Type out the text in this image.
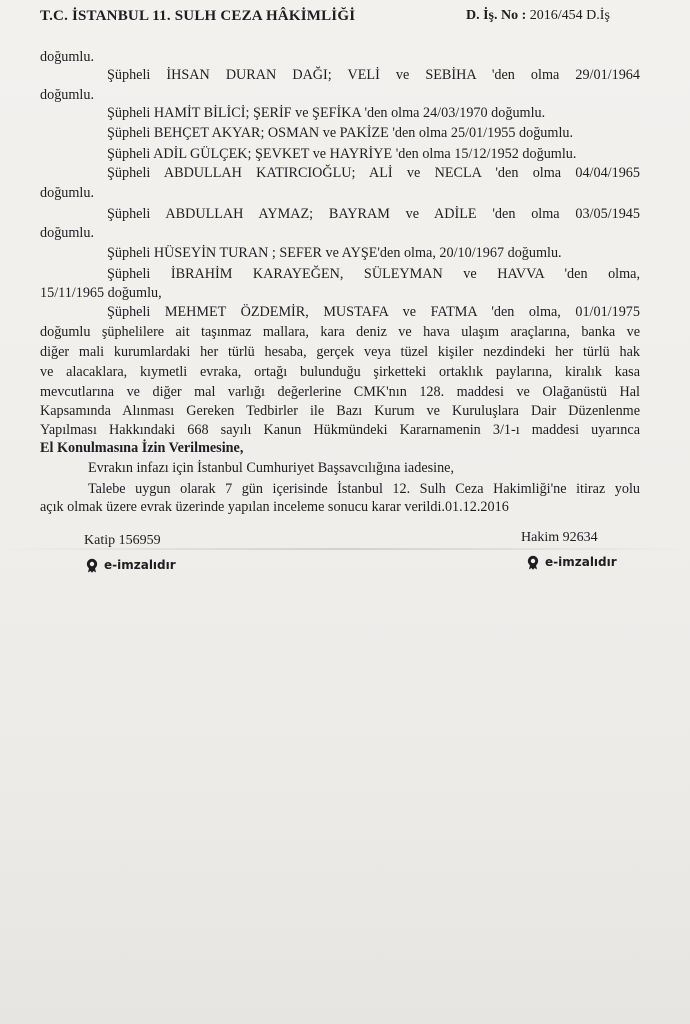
T.C. İSTANBUL 11. SULH CEZA HÂKİMLİĞİ	D. İş. No : 2016/454 D.İş
doğumlu.
Şüpheli İHSAN DURAN DAĞI; VELİ ve SEBİHA 'den olma 29/01/1964
doğumlu.
Şüpheli HAMİT BİLİCİ; ŞERİF ve ŞEFİKA 'den olma 24/03/1970 doğumlu.
Şüpheli BEHÇET AKYAR; OSMAN ve PAKİZE 'den olma 25/01/1955 doğumlu.
Şüpheli ADİL GÜLÇEK; ŞEVKET ve HAYRİYE 'den olma 15/12/1952 doğumlu.
Şüpheli ABDULLAH KATIRCIOĞLU; ALİ ve NECLA 'den olma 04/04/1965
doğumlu.
Şüpheli ABDULLAH AYMAZ; BAYRAM ve ADİLE 'den olma 03/05/1945
doğumlu.
Şüpheli HÜSEYİN TURAN ; SEFER ve AYŞE'den olma, 20/10/1967 doğumlu.
Şüpheli İBRAHİM KARAYEĞEN, SÜLEYMAN ve HAVVA 'den olma,
15/11/1965 doğumlu,
Şüpheli MEHMET ÖZDEMİR, MUSTAFA ve FATMA 'den olma, 01/01/1975
doğumlu şüphelilere ait taşınmaz mallara, kara deniz ve hava ulaşım araçlarına, banka ve
diğer mali kurumlardaki her türlü hesaba, gerçek veya tüzel kişiler nezdindeki her türlü hak
ve alacaklara, kıymetli evraka, ortağı bulunduğu şirketteki ortaklık paylarına, kiralık kasa
mevcutlarına ve diğer mal varlığı değerlerine CMK'nın 128. maddesi ve Olağanüstü Hal
Kapsamında Alınması Gereken Tedbirler ile Bazı Kurum ve Kuruluşlara Dair Düzenlenme
Yapılması Hakkındaki 668 sayılı Kanun Hükmündeki Kararnamenin 3/1-ı maddesi uyarınca
El Konulmasına İzin Verilmesine,
Evrakın infazı için İstanbul Cumhuriyet Başsavcılığına iadesine,
Talebe uygun olarak 7 gün içerisinde İstanbul 12. Sulh Ceza Hakimliği'ne itiraz yolu
açık olmak üzere evrak üzerinde yapılan inceleme sonucu karar verildi.01.12.2016
Katip 156959	Hakim 92634
e-imzalıdır	e-imzalıdır
